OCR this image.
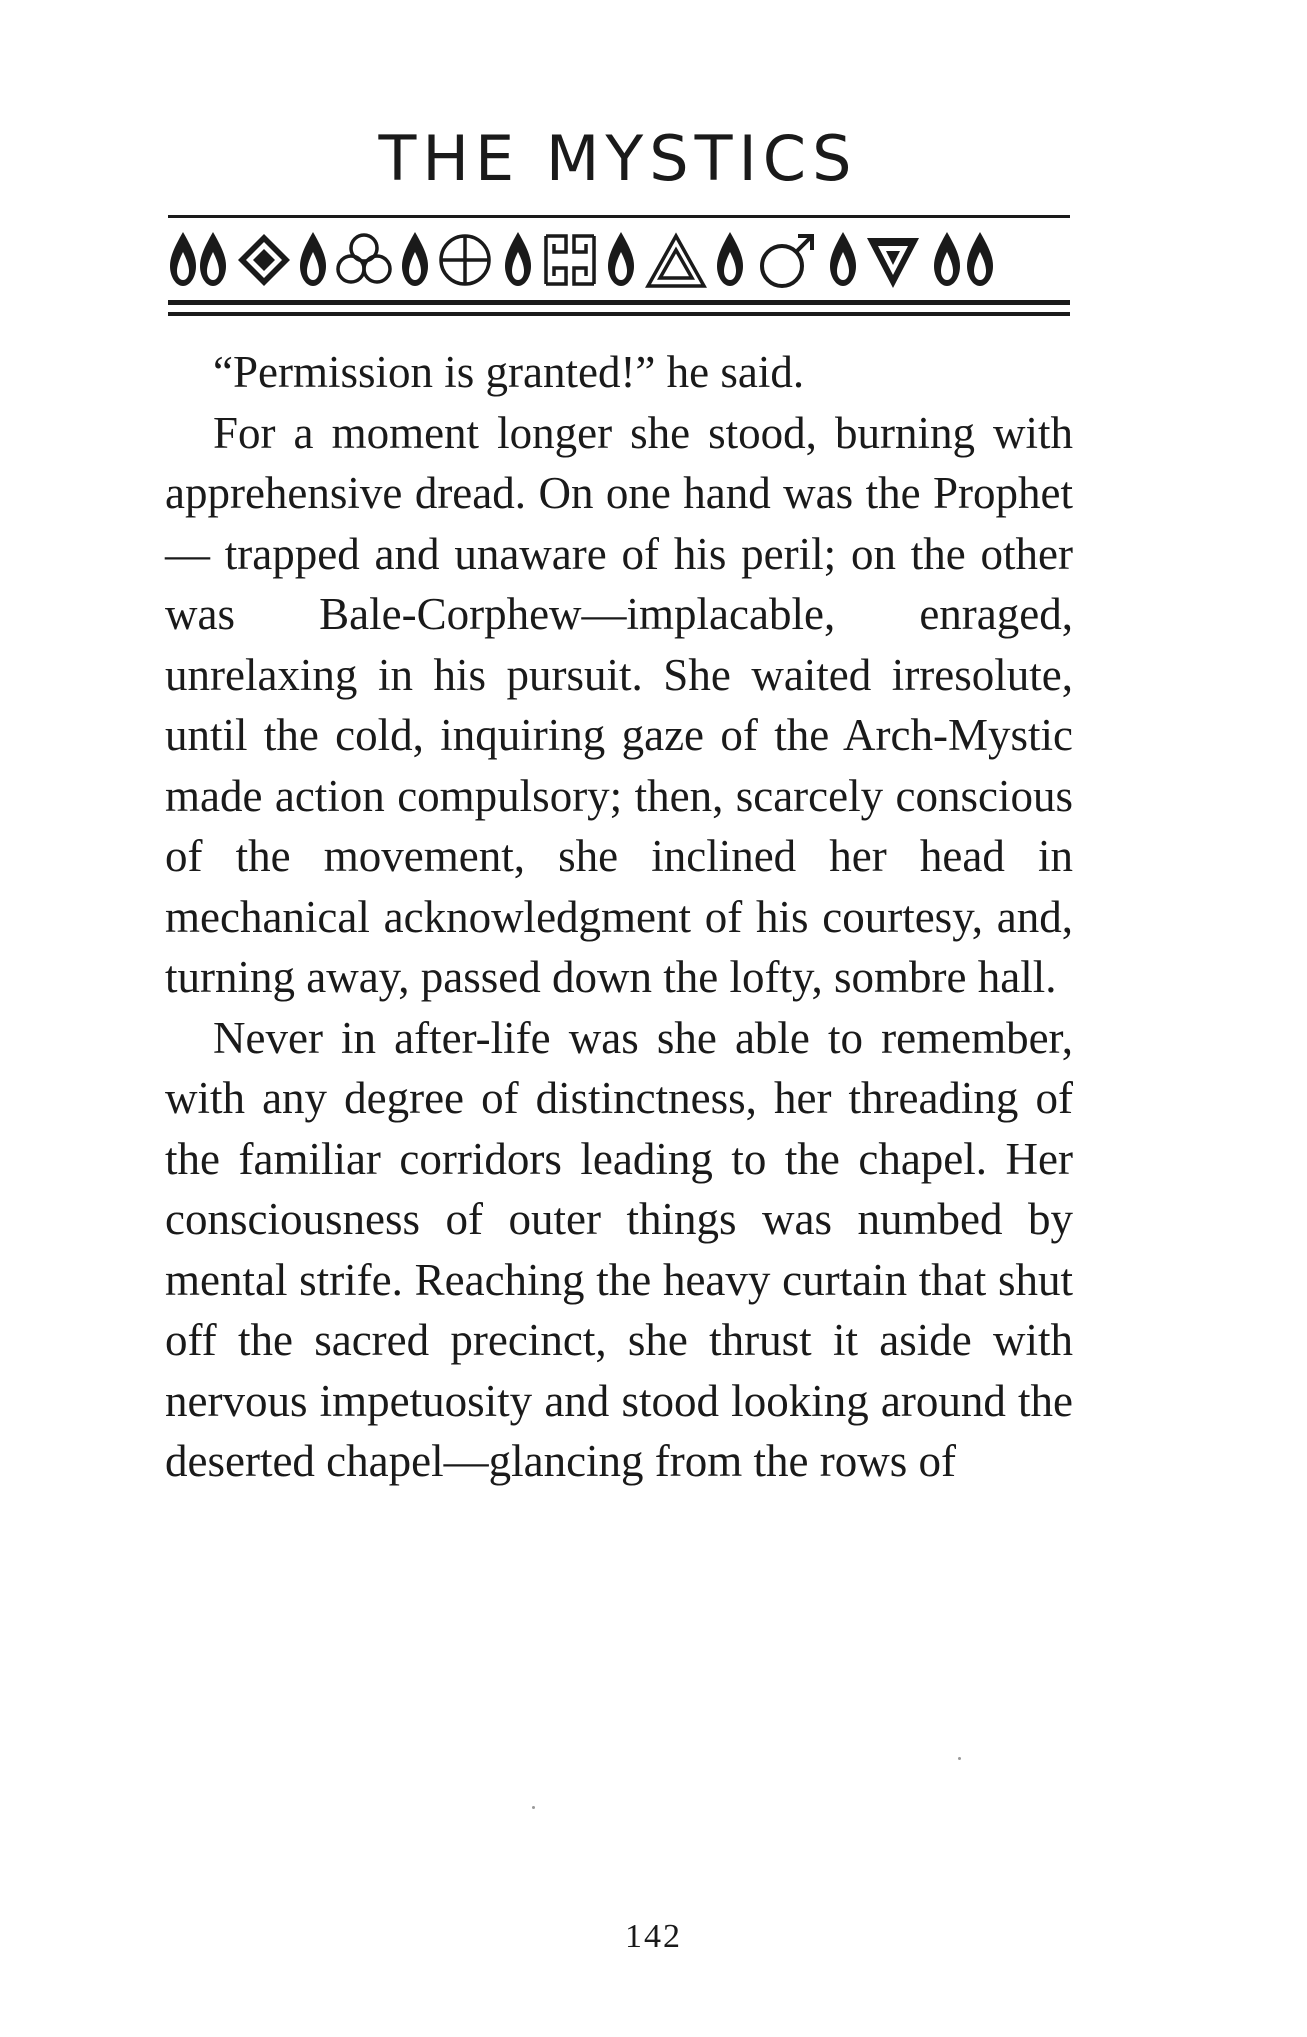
THE MYSTICS

“Permission is granted!” he said.

For a moment longer she stood, burning with apprehensive dread. On one hand was the Prophet — trapped and unaware of his peril; on the other was Bale-Corphew—implacable, enraged, unrelaxing in his pursuit. She waited irresolute, until the cold, inquiring gaze of the Arch-Mystic made action compulsory; then, scarcely conscious of the movement, she inclined her head in mechanical acknowledgment of his courtesy, and, turning away, passed down the lofty, sombre hall.

Never in after-life was she able to remember, with any degree of distinctness, her threading of the familiar corridors leading to the chapel. Her consciousness of outer things was numbed by mental strife. Reaching the heavy curtain that shut off the sacred precinct, she thrust it aside with nervous impetuosity and stood looking around the deserted chapel—glancing from the rows of

142
